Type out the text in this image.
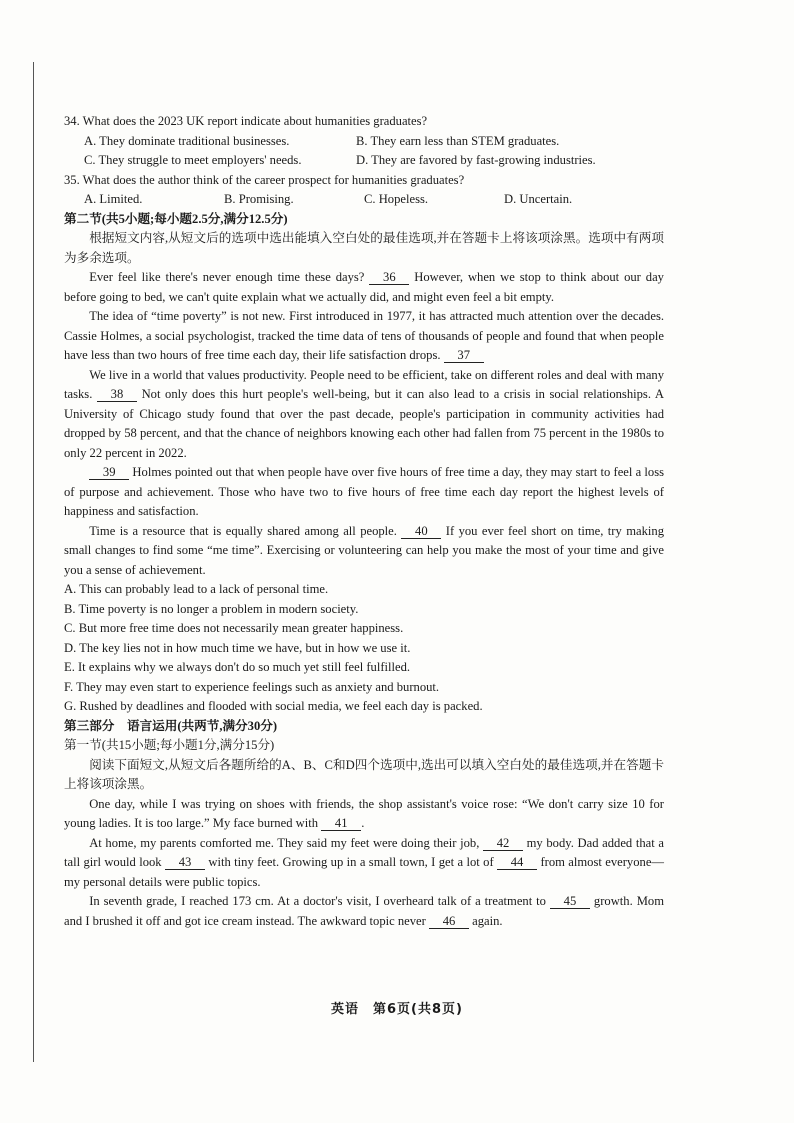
34. What does the 2023 UK report indicate about humanities graduates?

A. They dominate traditional businesses.	B. They earn less than STEM graduates.
C. They struggle to meet employers' needs.	D. They are favored by fast-growing industries.

35. What does the author think of the career prospect for humanities graduates?

A. Limited.	B. Promising.	C. Hopeless.	D. Uncertain.

第二节(共5小题;每小题2.5分,满分12.5分)

根据短文内容,从短文后的选项中选出能填入空白处的最佳选项,并在答题卡上将该项涂黑。选项中有两项为多余选项。

Ever feel like there's never enough time these days? 36 However, when we stop to think about our day before going to bed, we can't quite explain what we actually did, and might even feel a bit empty.

The idea of “time poverty” is not new. First introduced in 1977, it has attracted much attention over the decades. Cassie Holmes, a social psychologist, tracked the time data of tens of thousands of people and found that when people have less than two hours of free time each day, their life satisfaction drops. 37

We live in a world that values productivity. People need to be efficient, take on different roles and deal with many tasks. 38 Not only does this hurt people's well-being, but it can also lead to a crisis in social relationships. A University of Chicago study found that over the past decade, people's participation in community activities had dropped by 58 percent, and that the chance of neighbors knowing each other had fallen from 75 percent in the 1980s to only 22 percent in 2022.

39 Holmes pointed out that when people have over five hours of free time a day, they may start to feel a loss of purpose and achievement. Those who have two to five hours of free time each day report the highest levels of happiness and satisfaction.

Time is a resource that is equally shared among all people. 40 If you ever feel short on time, try making small changes to find some “me time”. Exercising or volunteering can help you make the most of your time and give you a sense of achievement.

A. This can probably lead to a lack of personal time.

B. Time poverty is no longer a problem in modern society.

C. But more free time does not necessarily mean greater happiness.

D. The key lies not in how much time we have, but in how we use it.

E. It explains why we always don't do so much yet still feel fulfilled.

F. They may even start to experience feelings such as anxiety and burnout.

G. Rushed by deadlines and flooded with social media, we feel each day is packed.

第三部分　语言运用(共两节,满分30分)

第一节(共15小题;每小题1分,满分15分)

阅读下面短文,从短文后各题所给的A、B、C和D四个选项中,选出可以填入空白处的最佳选项,并在答题卡上将该项涂黑。

One day, while I was trying on shoes with friends, the shop assistant's voice rose: “We don't carry size 10 for young ladies. It is too large.” My face burned with 41 .

At home, my parents comforted me. They said my feet were doing their job, 42 my body. Dad added that a tall girl would look 43 with tiny feet. Growing up in a small town, I get a lot of 44 from almost everyone—my personal details were public topics.

In seventh grade, I reached 173 cm. At a doctor's visit, I overheard talk of a treatment to 45 growth. Mom and I brushed it off and got ice cream instead. The awkward topic never 46 again.

英语　第6页(共8页)
